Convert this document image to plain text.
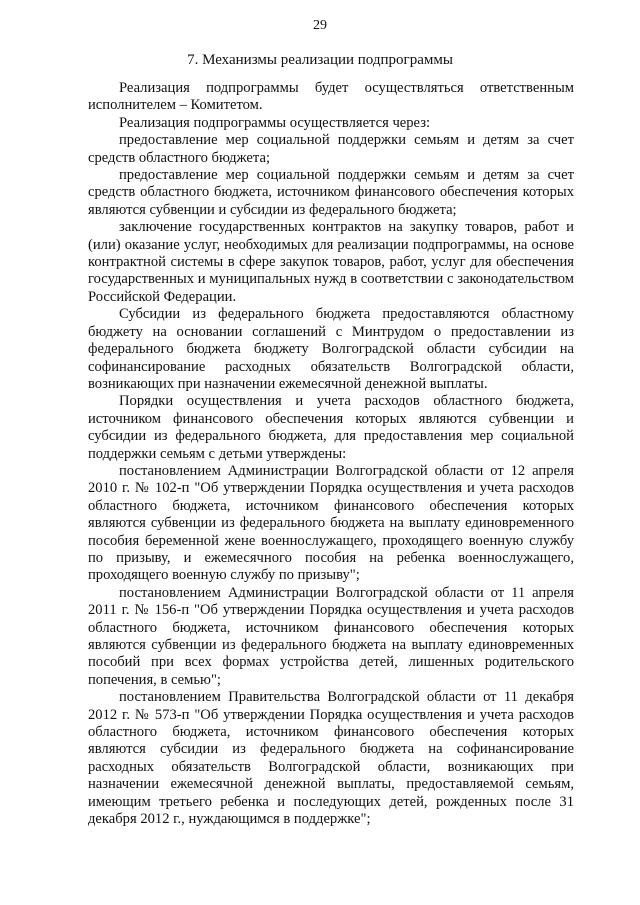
29
7. Механизмы реализации подпрограммы

Реализация подпрограммы будет осуществляться ответственным исполнителем – Комитетом.

Реализация подпрограммы осуществляется через:

предоставление мер социальной поддержки семьям и детям за счет средств областного бюджета;

предоставление мер социальной поддержки семьям и детям за счет средств областного бюджета, источником финансового обеспечения которых являются субвенции и субсидии из федерального бюджета;

заключение государственных контрактов на закупку товаров, работ и (или) оказание услуг, необходимых для реализации подпрограммы, на основе контрактной системы в сфере закупок товаров, работ, услуг для обеспечения государственных и муниципальных нужд в соответствии с законодательством Российской Федерации.

Субсидии из федерального бюджета предоставляются областному бюджету на основании соглашений с Минтрудом о предоставлении из федерального бюджета бюджету Волгоградской области субсидии на софинансирование расходных обязательств Волгоградской области, возникающих при назначении ежемесячной денежной выплаты.

Порядки осуществления и учета расходов областного бюджета, источником финансового обеспечения которых являются субвенции и субсидии из федерального бюджета, для предоставления мер социальной поддержки семьям с детьми утверждены:

постановлением Администрации Волгоградской области от 12 апреля 2010 г. № 102-п "Об утверждении Порядка осуществления и учета расходов областного бюджета, источником финансового обеспечения которых являются субвенции из федерального бюджета на выплату единовременного пособия беременной жене военнослужащего, проходящего военную службу по призыву, и ежемесячного пособия на ребенка военнослужащего, проходящего военную службу по призыву";

постановлением Администрации Волгоградской области от 11 апреля 2011 г. № 156-п "Об утверждении Порядка осуществления и учета расходов областного бюджета, источником финансового обеспечения которых являются субвенции из федерального бюджета на выплату единовременных пособий при всех формах устройства детей, лишенных родительского попечения, в семью";

постановлением Правительства Волгоградской области от 11 декабря 2012 г. № 573-п "Об утверждении Порядка осуществления и учета расходов областного бюджета, источником финансового обеспечения которых являются субсидии из федерального бюджета на софинансирование расходных обязательств Волгоградской области, возникающих при назначении ежемесячной денежной выплаты, предоставляемой семьям, имеющим третьего ребенка и последующих детей, рожденных после 31 декабря 2012 г., нуждающимся в поддержке";
